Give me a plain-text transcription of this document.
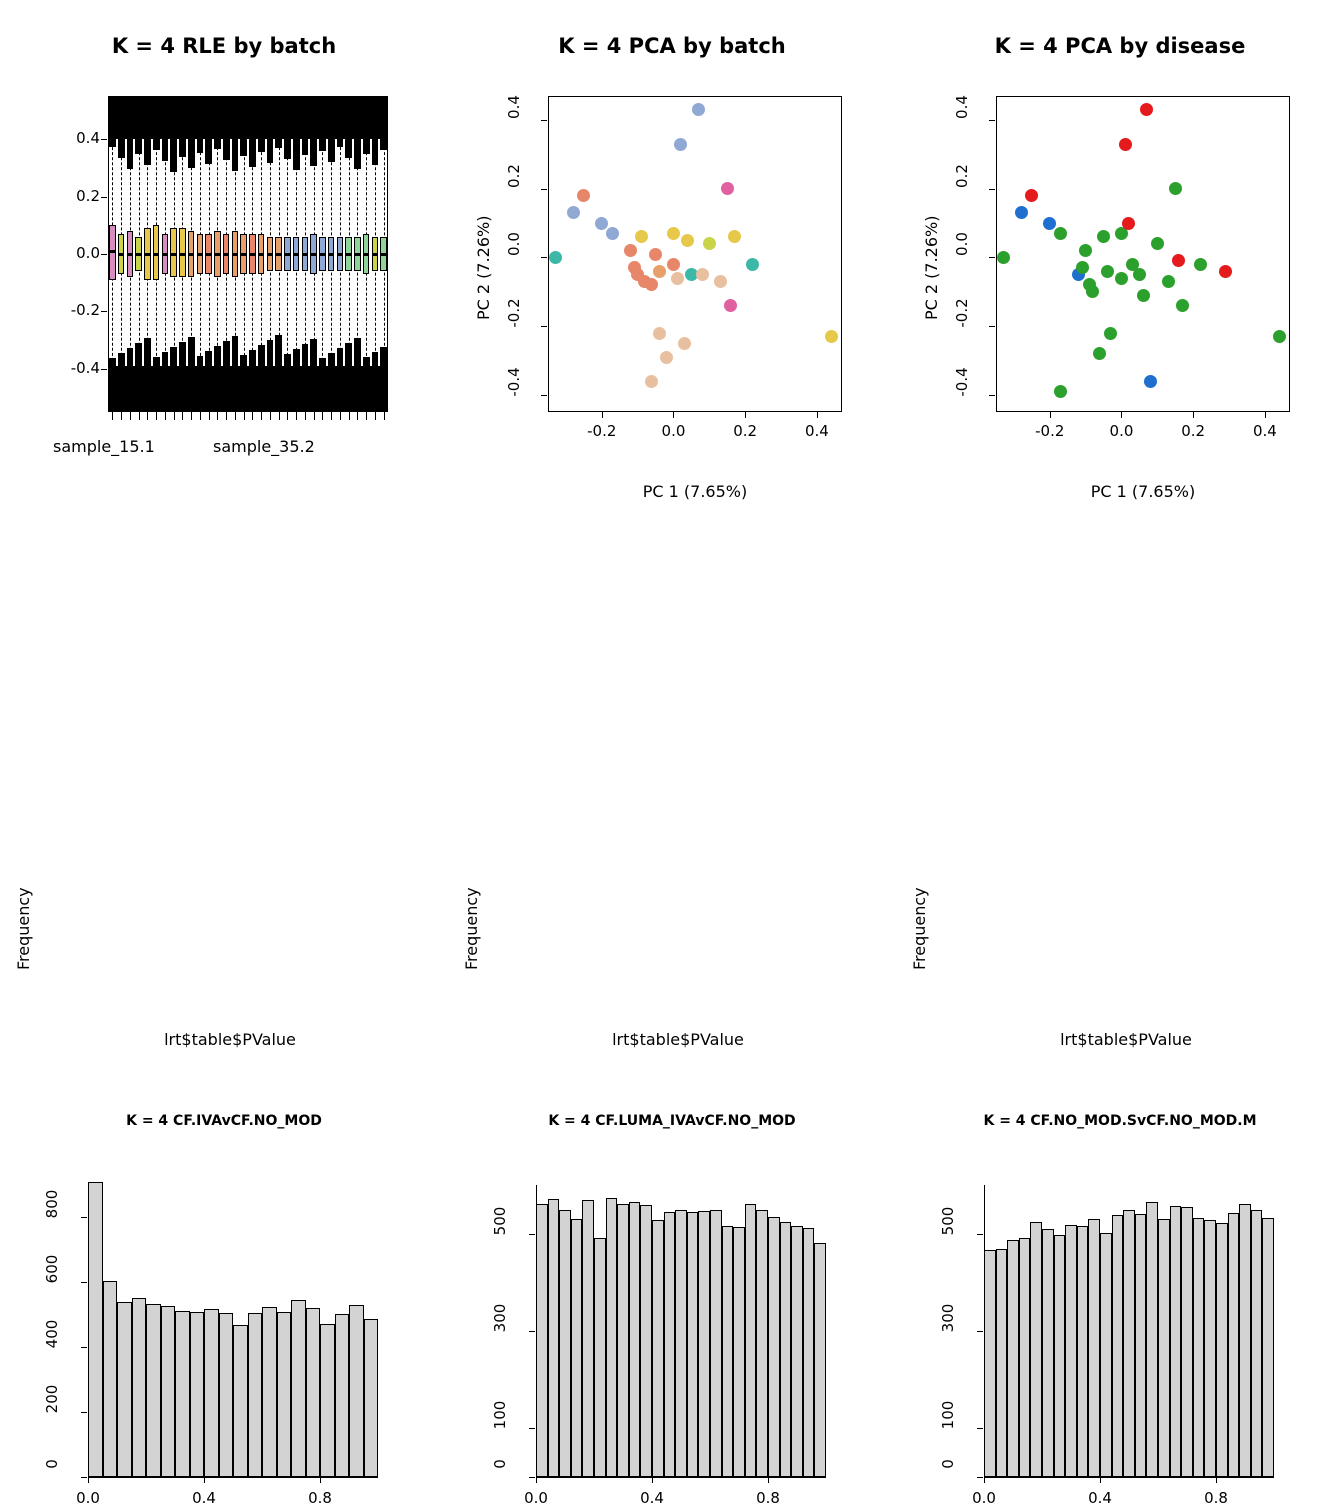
K = 4 RLE by batch
-0.4
-0.2
0.0
0.2
0.4
sample_15.1	sample_35.2
K = 4 PCA by batch
-0.2	0.0	0.2	0.4
-0.4
-0.2
0.0
0.2
0.4
PC 2 (7.26%)
PC 1 (7.65%)
K = 4 PCA by disease
-0.2	0.0	0.2	0.4
-0.4
-0.2
0.0
0.2
0.4
PC 2 (7.26%)
PC 1 (7.65%)
K = 4 CF.IVAvCF.NO_MOD
0
200
400
600
800
0.0	0.4	0.8
Frequency
lrt$table$PValue
K = 4 CF.LUMA_IVAvCF.NO_MOD
0
100
300
500
0.0	0.4	0.8
Frequency
lrt$table$PValue
K = 4 CF.NO_MOD.SvCF.NO_MOD.M
0
100
300
500
0.0	0.4	0.8
Frequency
lrt$table$PValue
